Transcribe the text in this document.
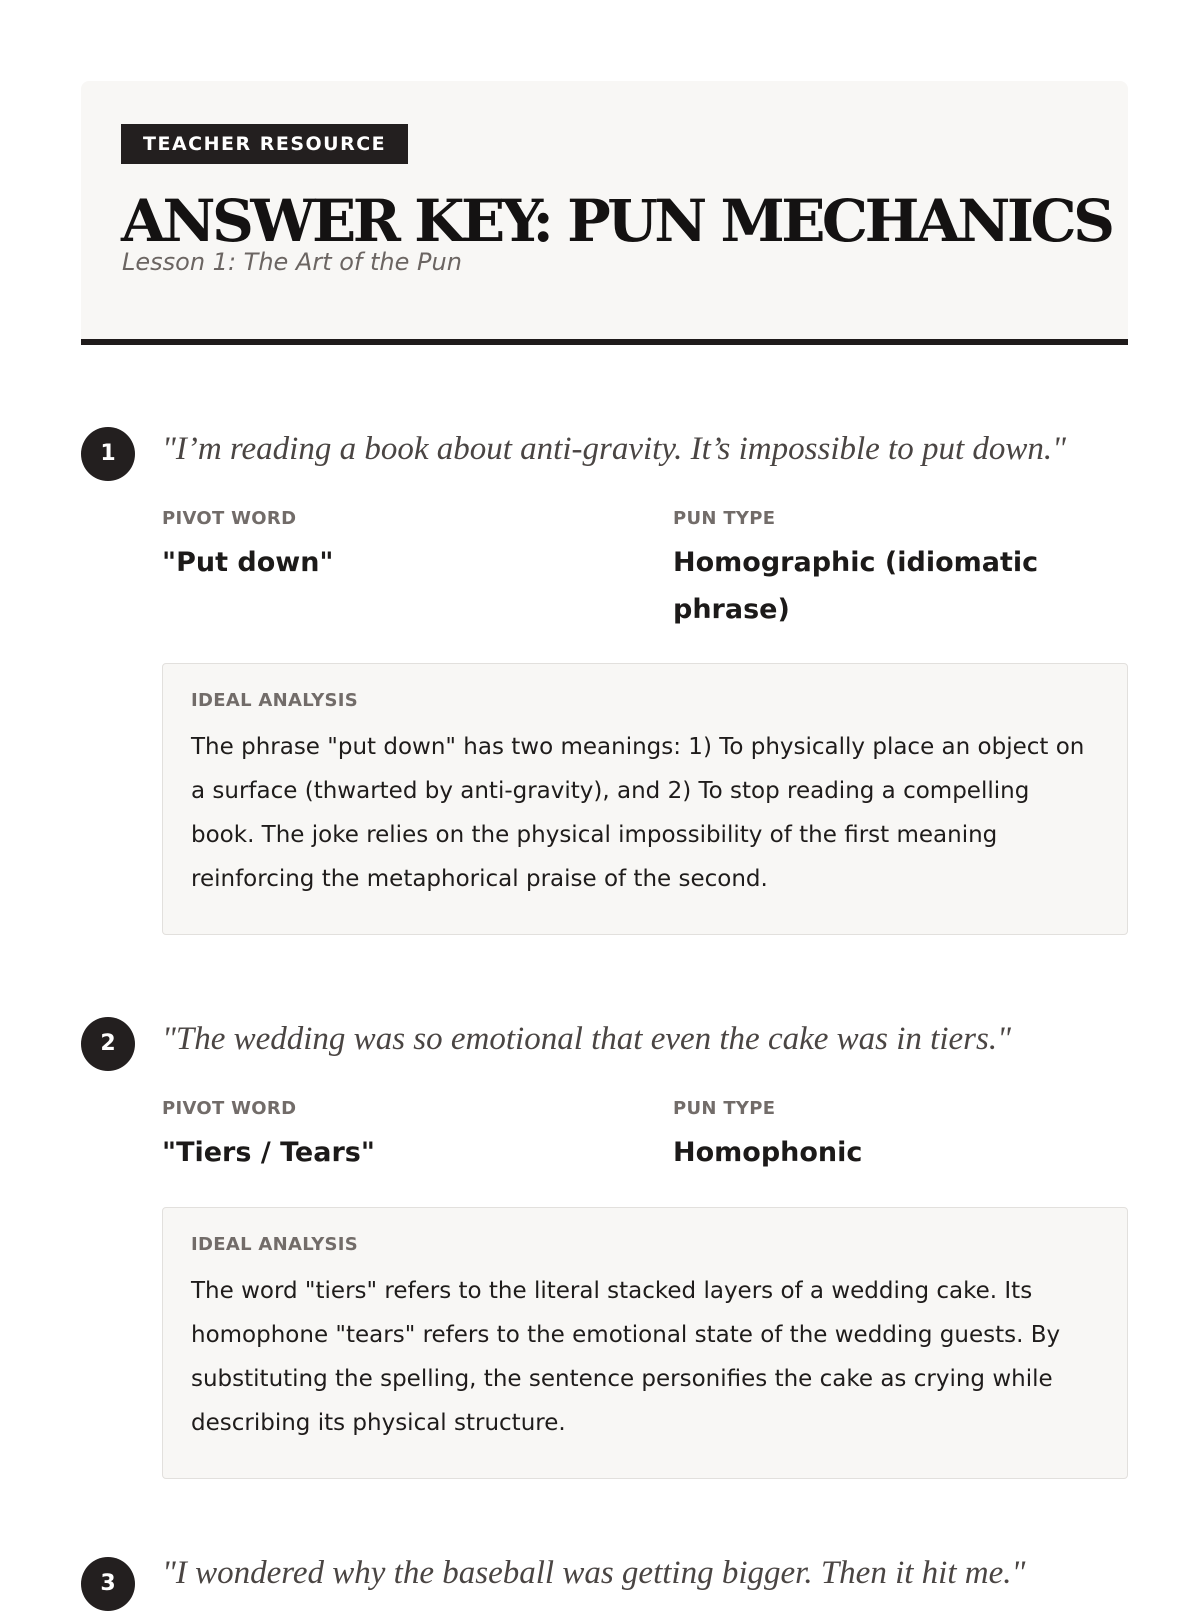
TEACHER RESOURCE
ANSWER KEY: PUN MECHANICS
Lesson 1: The Art of the Pun
1	"I’m reading a book about anti-gravity. It’s impossible to put down."
PIVOT WORD	PUN TYPE
"Put down"	Homographic (idiomatic phrase)
IDEAL ANALYSIS
The phrase "put down" has two meanings: 1) To physically place an object on a surface (thwarted by anti-gravity), and 2) To stop reading a compelling book. The joke relies on the physical impossibility of the first meaning reinforcing the metaphorical praise of the second.
2	"The wedding was so emotional that even the cake was in tiers."
PIVOT WORD	PUN TYPE
"Tiers / Tears"	Homophonic
IDEAL ANALYSIS
The word "tiers" refers to the literal stacked layers of a wedding cake. Its homophone "tears" refers to the emotional state of the wedding guests. By substituting the spelling, the sentence personifies the cake as crying while describing its physical structure.
3	"I wondered why the baseball was getting bigger. Then it hit me."
